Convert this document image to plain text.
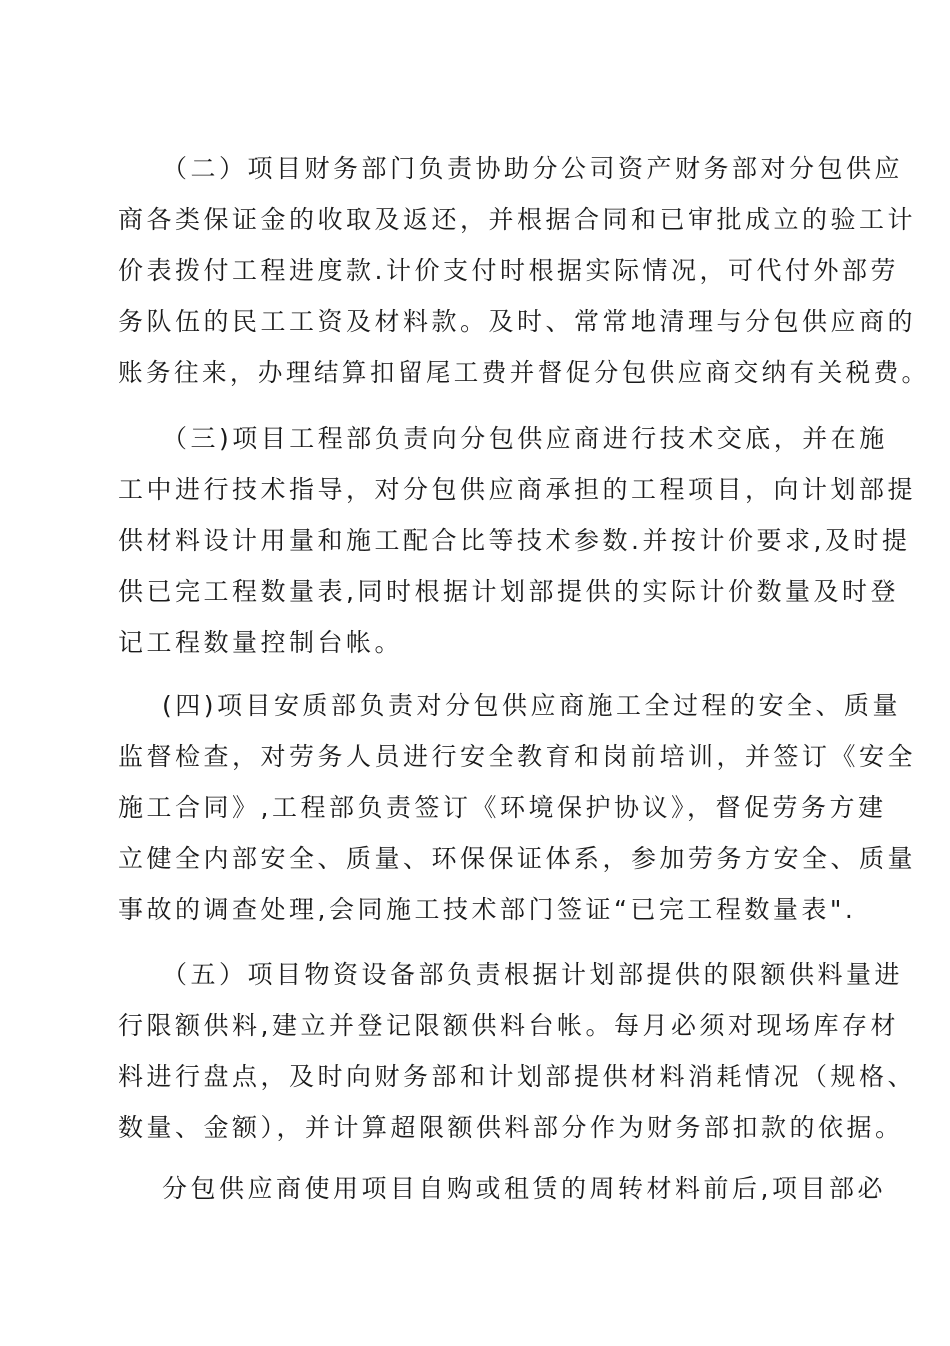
（二）项目财务部门负责协助分公司资产财务部对分包供应
商各类保证金的收取及返还，并根据合同和已审批成立的验工计
价表拨付工程进度款.计价支付时根据实际情况，可代付外部劳
务队伍的民工工资及材料款。及时、常常地清理与分包供应商的
账务往来，办理结算扣留尾工费并督促分包供应商交纳有关税费。
（三)项目工程部负责向分包供应商进行技术交底，并在施
工中进行技术指导，对分包供应商承担的工程项目，向计划部提
供材料设计用量和施工配合比等技术参数.并按计价要求,及时提
供已完工程数量表,同时根据计划部提供的实际计价数量及时登
记工程数量控制台帐。
(四)项目安质部负责对分包供应商施工全过程的安全、质量
监督检查，对劳务人员进行安全教育和岗前培训，并签订《安全
施工合同》,工程部负责签订《环境保护协议》，督促劳务方建
立健全内部安全、质量、环保保证体系，参加劳务方安全、质量
事故的调查处理,会同施工技术部门签证“已完工程数量表".
（五）项目物资设备部负责根据计划部提供的限额供料量进
行限额供料,建立并登记限额供料台帐。每月必须对现场库存材
料进行盘点，及时向财务部和计划部提供材料消耗情况（规格、
数量、金额），并计算超限额供料部分作为财务部扣款的依据。
分包供应商使用项目自购或租赁的周转材料前后,项目部必
